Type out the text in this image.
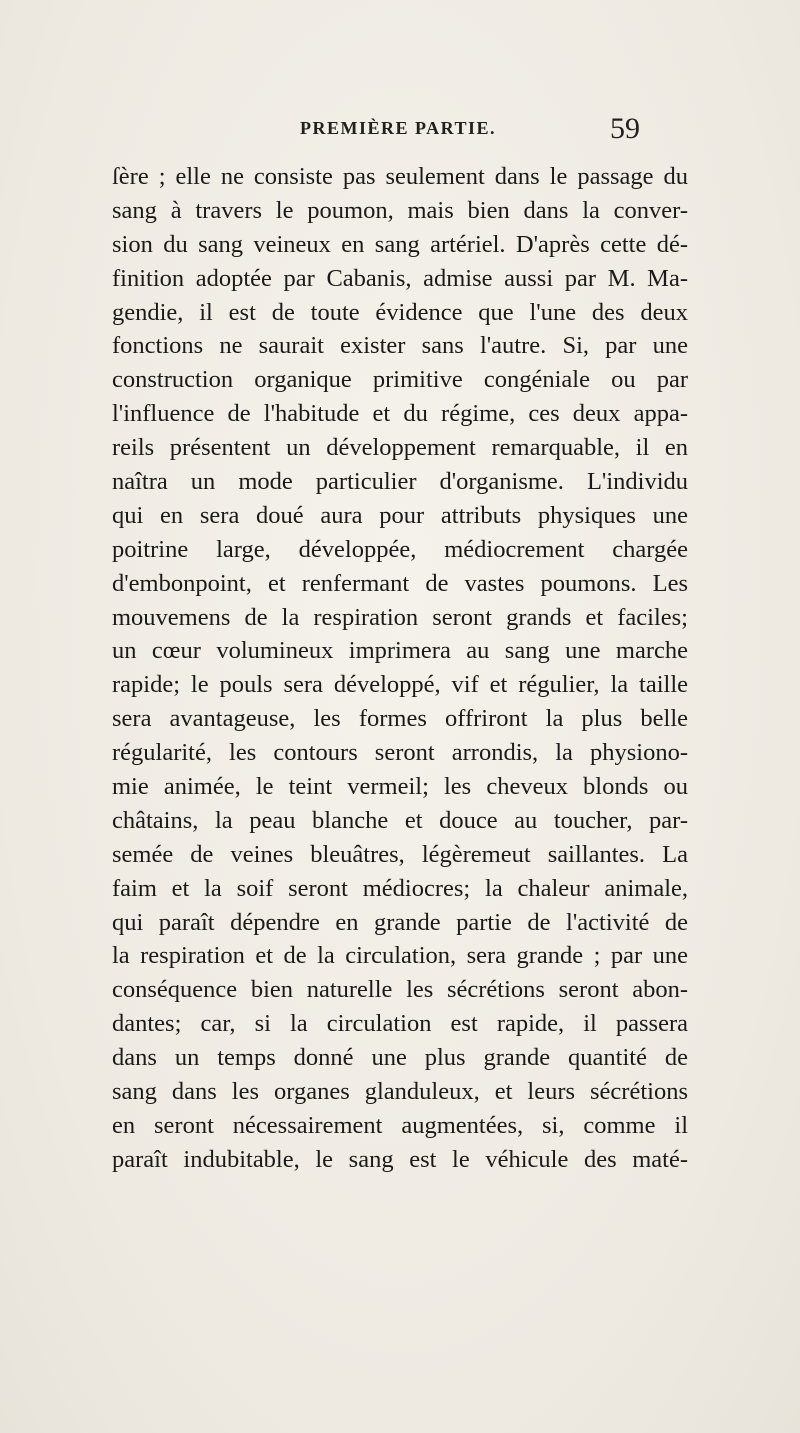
PREMIÈRE PARTIE.	59
ſère ; elle ne consiste pas seulement dans le passage du
sang à travers le poumon, mais bien dans la conver-
sion du sang veineux en sang artériel. D'après cette dé-
finition adoptée par Cabanis, admise aussi par M. Ma-
gendie, il est de toute évidence que l'une des deux
fonctions ne saurait exister sans l'autre. Si, par une
construction organique primitive congéniale ou par
l'influence de l'habitude et du régime, ces deux appa-
reils présentent un développement remarquable, il en
naîtra un mode particulier d'organisme. L'individu
qui en sera doué aura pour attributs physiques une
poitrine large, développée, médiocrement chargée
d'embonpoint, et renfermant de vastes poumons. Les
mouvemens de la respiration seront grands et faciles;
un cœur volumineux imprimera au sang une marche
rapide; le pouls sera développé, vif et régulier, la taille
sera avantageuse, les formes offriront la plus belle
régularité, les contours seront arrondis, la physiono-
mie animée, le teint vermeil; les cheveux blonds ou
châtains, la peau blanche et douce au toucher, par-
semée de veines bleuâtres, légèremeut saillantes. La
faim et la soif seront médiocres; la chaleur animale,
qui paraît dépendre en grande partie de l'activité de
la respiration et de la circulation, sera grande ; par une
conséquence bien naturelle les sécrétions seront abon-
dantes; car, si la circulation est rapide, il passera
dans un temps donné une plus grande quantité de
sang dans les organes glanduleux, et leurs sécrétions
en seront nécessairement augmentées, si, comme il
paraît indubitable, le sang est le véhicule des maté-
